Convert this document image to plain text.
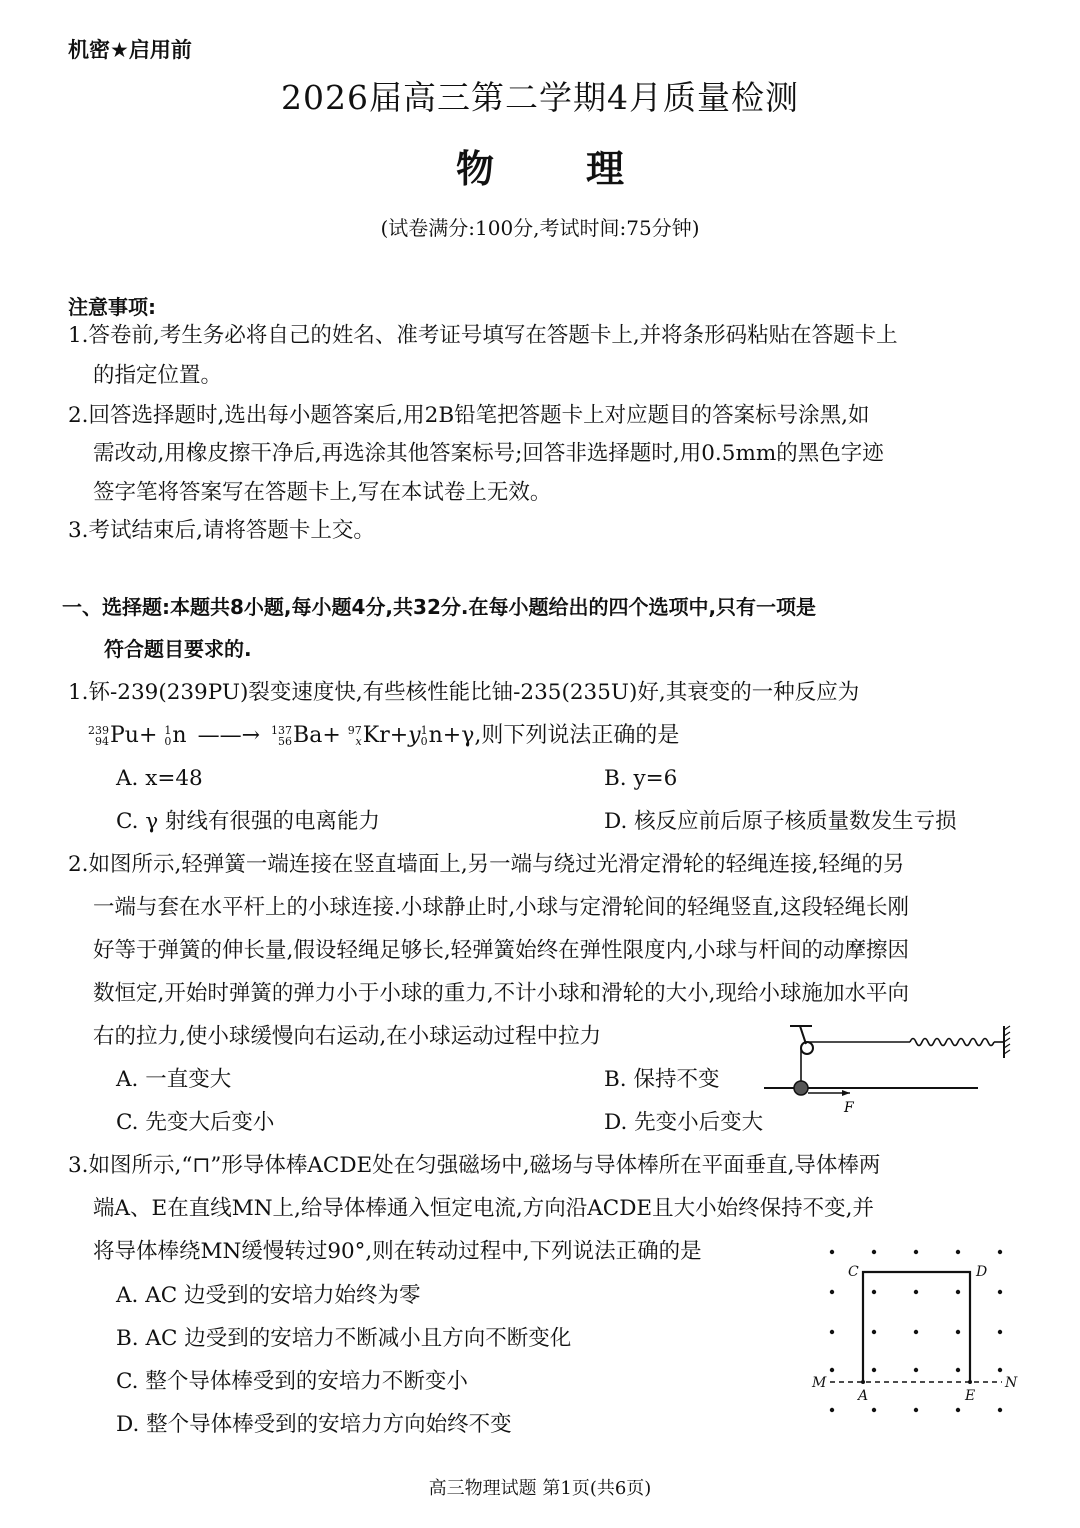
机密★启用前
2026届高三第二学期4月质量检测
物 理
(试卷满分:100分,考试时间:75分钟)
注意事项:
1.答卷前,考生务必将自己的姓名、准考证号填写在答题卡上,并将条形码粘贴在答题卡上
的指定位置。
2.回答选择题时,选出每小题答案后,用2B铅笔把答题卡上对应题目的答案标号涂黑,如
需改动,用橡皮擦干净后,再选涂其他答案标号;回答非选择题时,用0.5mm的黑色字迹
签字笔将答案写在答题卡上,写在本试卷上无效。
3.考试结束后,请将答题卡上交。
一、选择题:本题共8小题,每小题4分,共32分.在每小题给出的四个选项中,只有一项是
符合题目要求的.
1.钚-239(239PU)裂变速度快,有些核性能比铀-235(235U)好,其衰变的一种反应为
239
94 Pu+ 1
0 n ——→ 137
56 Ba+ 97
x Kr+y 1
0 n+γ,则下列说法正确的是
A. x=48	B. y=6
C. γ 射线有很强的电离能力	D. 核反应前后原子核质量数发生亏损
2.如图所示,轻弹簧一端连接在竖直墙面上,另一端与绕过光滑定滑轮的轻绳连接,轻绳的另
一端与套在水平杆上的小球连接.小球静止时,小球与定滑轮间的轻绳竖直,这段轻绳长刚
好等于弹簧的伸长量,假设轻绳足够长,轻弹簧始终在弹性限度内,小球与杆间的动摩擦因
数恒定,开始时弹簧的弹力小于小球的重力,不计小球和滑轮的大小,现给小球施加水平向
右的拉力,使小球缓慢向右运动,在小球运动过程中拉力
A. 一直变大	B. 保持不变
C. 先变大后变小	D. 先变小后变大
F
3.如图所示,“⊓”形导体棒ACDE处在匀强磁场中,磁场与导体棒所在平面垂直,导体棒两
端A、E在直线MN上,给导体棒通入恒定电流,方向沿ACDE且大小始终保持不变,并
将导体棒绕MN缓慢转过90°,则在转动过程中,下列说法正确的是
A. AC 边受到的安培力始终为零
B. AC 边受到的安培力不断减小且方向不断变化
C. 整个导体棒受到的安培力不断变小
D. 整个导体棒受到的安培力方向始终不变
C	D
M	N
A	E
高三物理试题 第1页(共6页)
